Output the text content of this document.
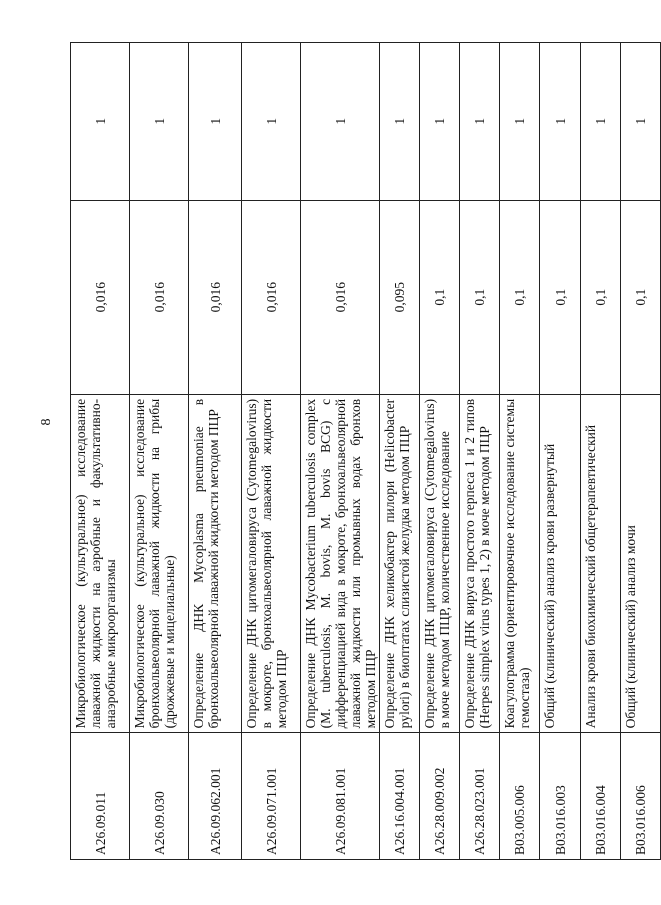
8
A26.09.011	Микробиологическое (культуральное) исследование лаважной жидкости на аэробные и факультативно-анаэробные микроорганизмы	0,016	1
A26.09.030	Микробиологическое (культуральное) исследование бронхоальвеолярной лаважной жидкости на грибы (дрожжевые и мицелиальные)	0,016	1
A26.09.062.001	Определение ДНК Mycoplasma pneumoniae в бронхоальвеолярной лаважной жидкости методом ПЦР	0,016	1
A26.09.071.001	Определение ДНК цитомегаловируса (Cytomegalovirus) в мокроте, бронхоальвеолярной лаважной жидкости методом ПЦР	0,016	1
A26.09.081.001	Определение ДНК Mycobacterium tuberculosis complex (M. tuberculosis, M. bovis, M. bovis BCG) с дифференциацией вида в мокроте, бронхоальвеолярной лаважной жидкости или промывных водах бронхов методом ПЦР	0,016	1
A26.16.004.001	Определение ДНК хеликобактер пилори (Helicobacter pylori) в биоптатах слизистой желудка методом ПЦР	0,095	1
A26.28.009.002	Определение ДНК цитомегаловируса (Cytomegalovirus) в моче методом ПЦР, количественное исследование	0,1	1
A26.28.023.001	Определение ДНК вируса простого герпеса 1 и 2 типов (Herpes simplex virus types 1, 2) в моче методом ПЦР	0,1	1
B03.005.006	Коагулограмма (ориентировочное исследование системы гемостаза)	0,1	1
B03.016.003	Общий (клинический) анализ крови развернутый	0,1	1
B03.016.004	Анализ крови биохимический общетерапевтический	0,1	1
B03.016.006	Общий (клинический) анализ мочи	0,1	1
